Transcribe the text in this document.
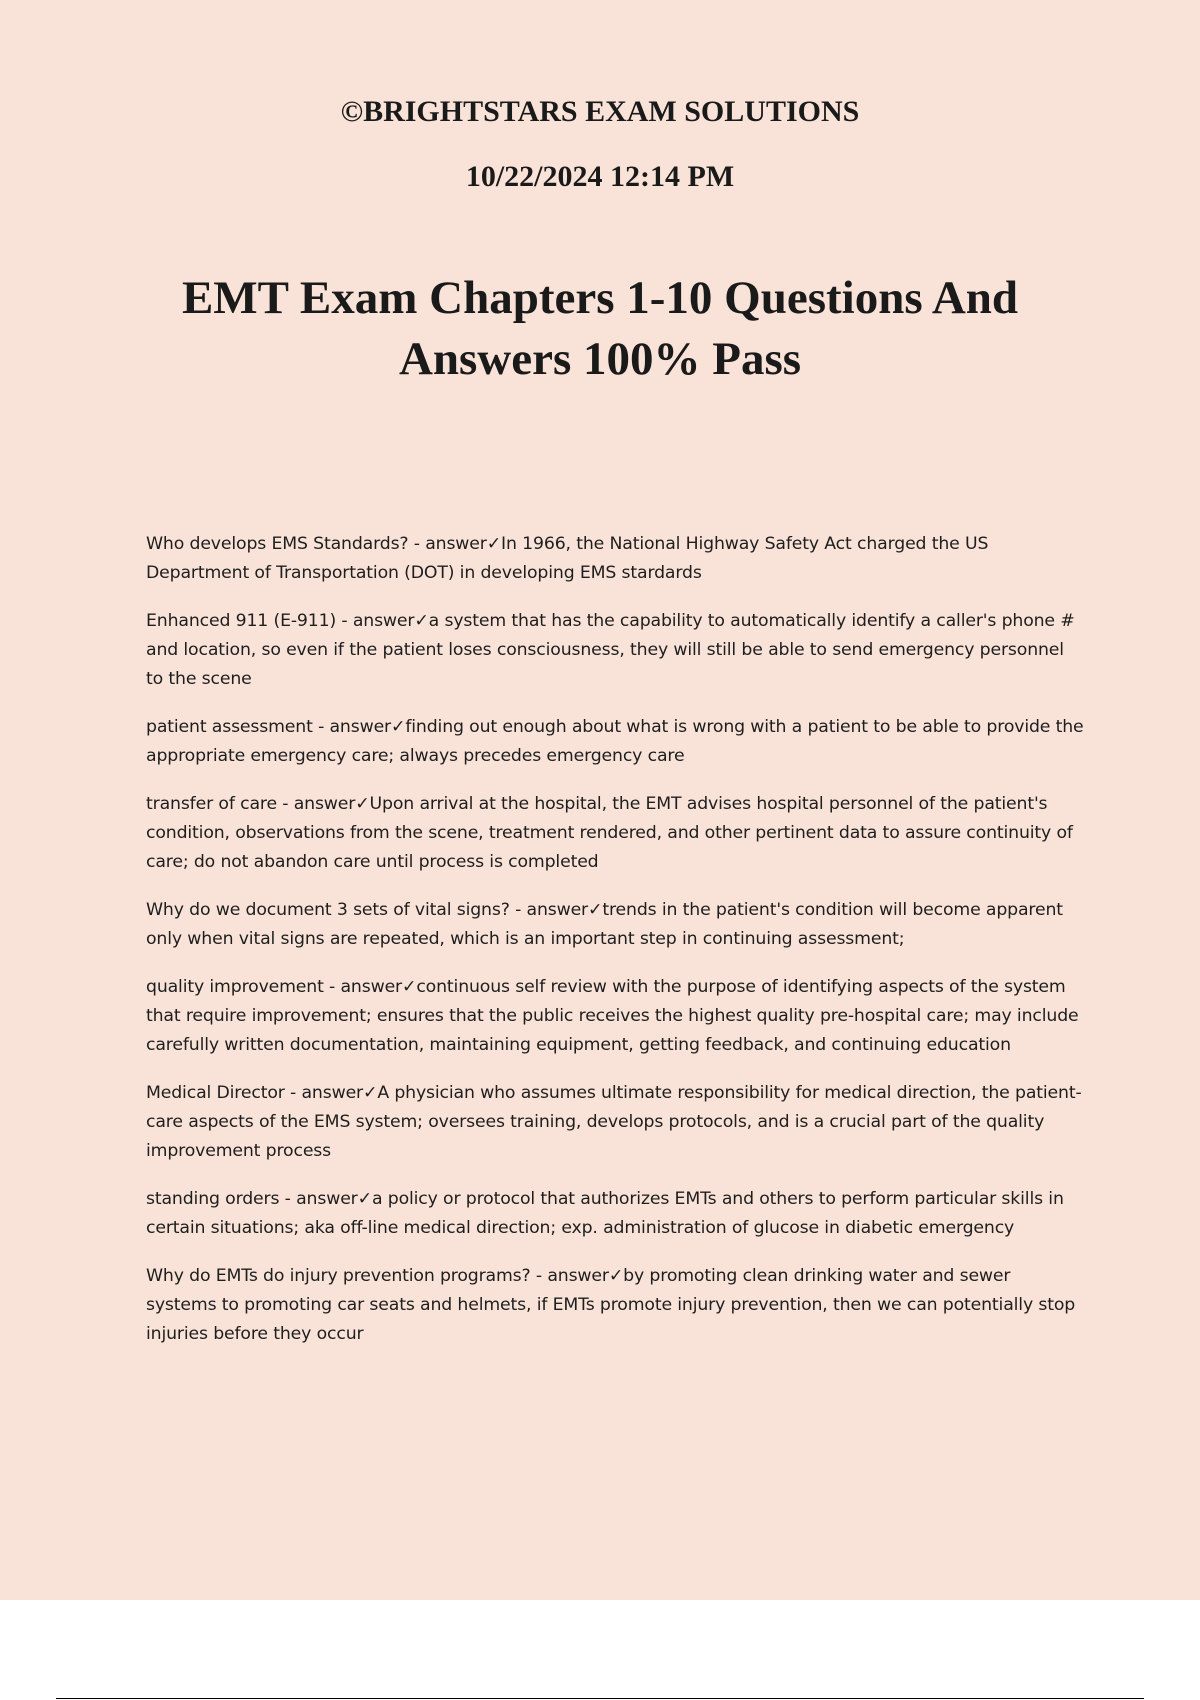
©BRIGHTSTARS EXAM SOLUTIONS

10/22/2024 12:14 PM

EMT Exam Chapters 1-10 Questions And Answers 100% Pass
Who develops EMS Standards? - answer✓In 1966, the National Highway Safety Act charged the US Department of Transportation (DOT) in developing EMS stardards
Enhanced 911 (E-911) - answer✓a system that has the capability to automatically identify a caller's phone # and location, so even if the patient loses consciousness, they will still be able to send emergency personnel to the scene
patient assessment - answer✓finding out enough about what is wrong with a patient to be able to provide the appropriate emergency care; always precedes emergency care
transfer of care - answer✓Upon arrival at the hospital, the EMT advises hospital personnel of the patient's condition, observations from the scene, treatment rendered, and other pertinent data to assure continuity of care; do not abandon care until process is completed
Why do we document 3 sets of vital signs? - answer✓trends in the patient's condition will become apparent only when vital signs are repeated, which is an important step in continuing assessment;
quality improvement - answer✓continuous self review with the purpose of identifying aspects of the system that require improvement; ensures that the public receives the highest quality pre-hospital care; may include carefully written documentation, maintaining equipment, getting feedback, and continuing education
Medical Director - answer✓A physician who assumes ultimate responsibility for medical direction, the patient-care aspects of the EMS system; oversees training, develops protocols, and is a crucial part of the quality improvement process
standing orders - answer✓a policy or protocol that authorizes EMTs and others to perform particular skills in certain situations; aka off-line medical direction; exp. administration of glucose in diabetic emergency
Why do EMTs do injury prevention programs? - answer✓by promoting clean drinking water and sewer systems to promoting car seats and helmets, if EMTs promote injury prevention, then we can potentially stop injuries before they occur
